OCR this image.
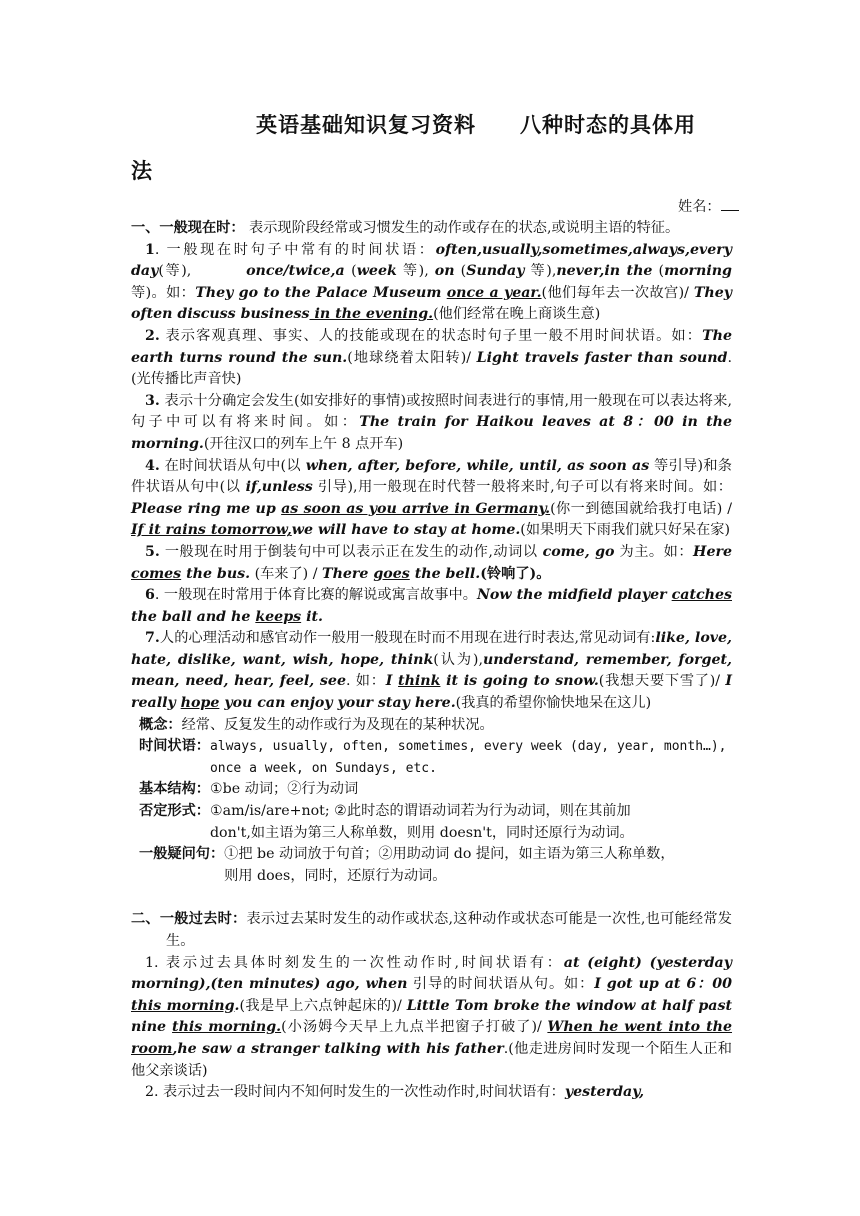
英语基础知识复习资料　　八种时态的具体用
法
姓名：

一、一般现在时： 表示现阶段经常或习惯发生的动作或存在的状态,或说明主语的特征。

1. 一般现在时句子中常有的时间状语：often,usually,sometimes,always,every day(等),	once/twice,a (week 等), on (Sunday 等),never,in the (morning 等)。如：They go to the Palace Museum once a year.(他们每年去一次故宫)/ They often discuss business in the evening.(他们经常在晚上商谈生意)

2. 表示客观真理、事实、人的技能或现在的状态时句子里一般不用时间状语。如：The earth turns round the sun.(地球绕着太阳转)/ Light travels faster than sound.(光传播比声音快)

3. 表示十分确定会发生(如安排好的事情)或按照时间表进行的事情,用一般现在可以表达将来,句子中可以有将来时间。如：The train for Haikou leaves at 8：00 in the morning.(开往汉口的列车上午 8 点开车)

4. 在时间状语从句中(以 when, after, before, while, until, as soon as 等引导)和条件状语从句中(以 if,unless 引导),用一般现在时代替一般将来时,句子可以有将来时间。如：Please ring me up as soon as you arrive in Germany.(你一到德国就给我打电话) / If it rains tomorrow,we will have to stay at home.(如果明天下雨我们就只好呆在家)

5. 一般现在时用于倒装句中可以表示正在发生的动作,动词以 come, go 为主。如：Here comes the bus. (车来了) / There goes the bell.(铃响了)。

6. 一般现在时常用于体育比赛的解说或寓言故事中。Now the midfield player catches the ball and he keeps it.

7.人的心理活动和感官动作一般用一般现在时而不用现在进行时表达,常见动词有:like, love, hate, dislike, want, wish, hope, think(认为),understand, remember, forget, mean, need, hear, feel, see. 如：I think it is going to snow.(我想天要下雪了)/ I really hope you can enjoy your stay here.(我真的希望你愉快地呆在这儿)

概念： 经常、反复发生的动作或行为及现在的某种状况。
时间状语： always, usually, often, sometimes, every week (day, year, month…),
once a week, on Sundays, etc.
基本结构： ①be 动词；②行为动词
否定形式： ①am/is/are+not; ②此时态的谓语动词若为行为动词，则在其前加
don't,如主语为第三人称单数，则用 doesn't，同时还原行为动词。
一般疑问句： ①把 be 动词放于句首；②用助动词 do 提问，如主语为第三人称单数，
则用 does，同时，还原行为动词。

二、一般过去时：表示过去某时发生的动作或状态,这种动作或状态可能是一次性,也可能经常发生。

1. 表示过去具体时刻发生的一次性动作时,时间状语有：at (eight) (yesterday morning),(ten minutes) ago, when 引导的时间状语从句。如：I got up at 6：00 this morning.(我是早上六点钟起床的)/ Little Tom broke the window at half past nine this morning.(小汤姆今天早上九点半把窗子打破了)/ When he went into the room,he saw a stranger talking with his father.(他走进房间时发现一个陌生人正和他父亲谈话)

2. 表示过去一段时间内不知何时发生的一次性动作时,时间状语有：yesterday,
